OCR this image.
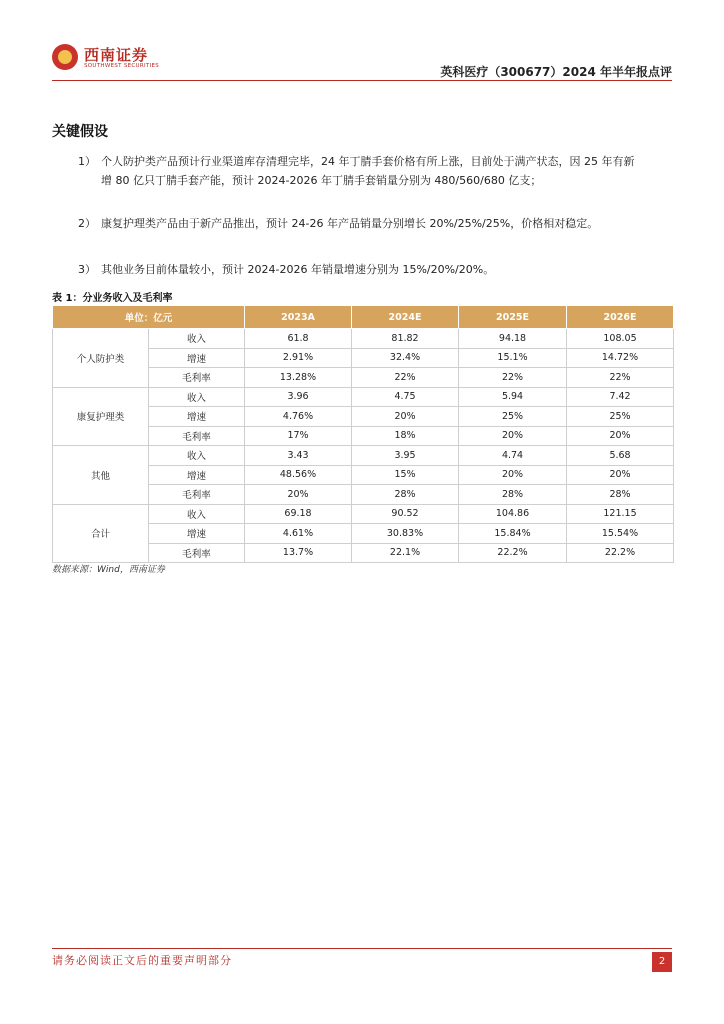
西南证券
SOUTHWEST SECURITIES	英科医疗（300677）2024 年半年报点评
关键假设
1） 个人防护类产品预计行业渠道库存清理完毕，24 年丁腈手套价格有所上涨，目前处于满产状态，因 25 年有新增 80 亿只丁腈手套产能，预计 2024-2026 年丁腈手套销量分别为 480/560/680 亿支；
2） 康复护理类产品由于新产品推出，预计 24-26 年产品销量分别增长 20%/25%/25%，价格相对稳定。
3） 其他业务目前体量较小，预计 2024-2026 年销量增速分别为 15%/20%/20%。
表 1：分业务收入及毛利率
单位：亿元		2023A	2024E	2025E	2026E
个人防护类	收入	61.8	81.82	94.18	108.05
	增速	2.91%	32.4%	15.1%	14.72%
	毛利率	13.28%	22%	22%	22%
康复护理类	收入	3.96	4.75	5.94	7.42
	增速	4.76%	20%	25%	25%
	毛利率	17%	18%	20%	20%
其他	收入	3.43	3.95	4.74	5.68
	增速	48.56%	15%	20%	20%
	毛利率	20%	28%	28%	28%
合计	收入	69.18	90.52	104.86	121.15
	增速	4.61%	30.83%	15.84%	15.54%
	毛利率	13.7%	22.1%	22.2%	22.2%
数据来源：Wind，西南证券
请务必阅读正文后的重要声明部分	2
